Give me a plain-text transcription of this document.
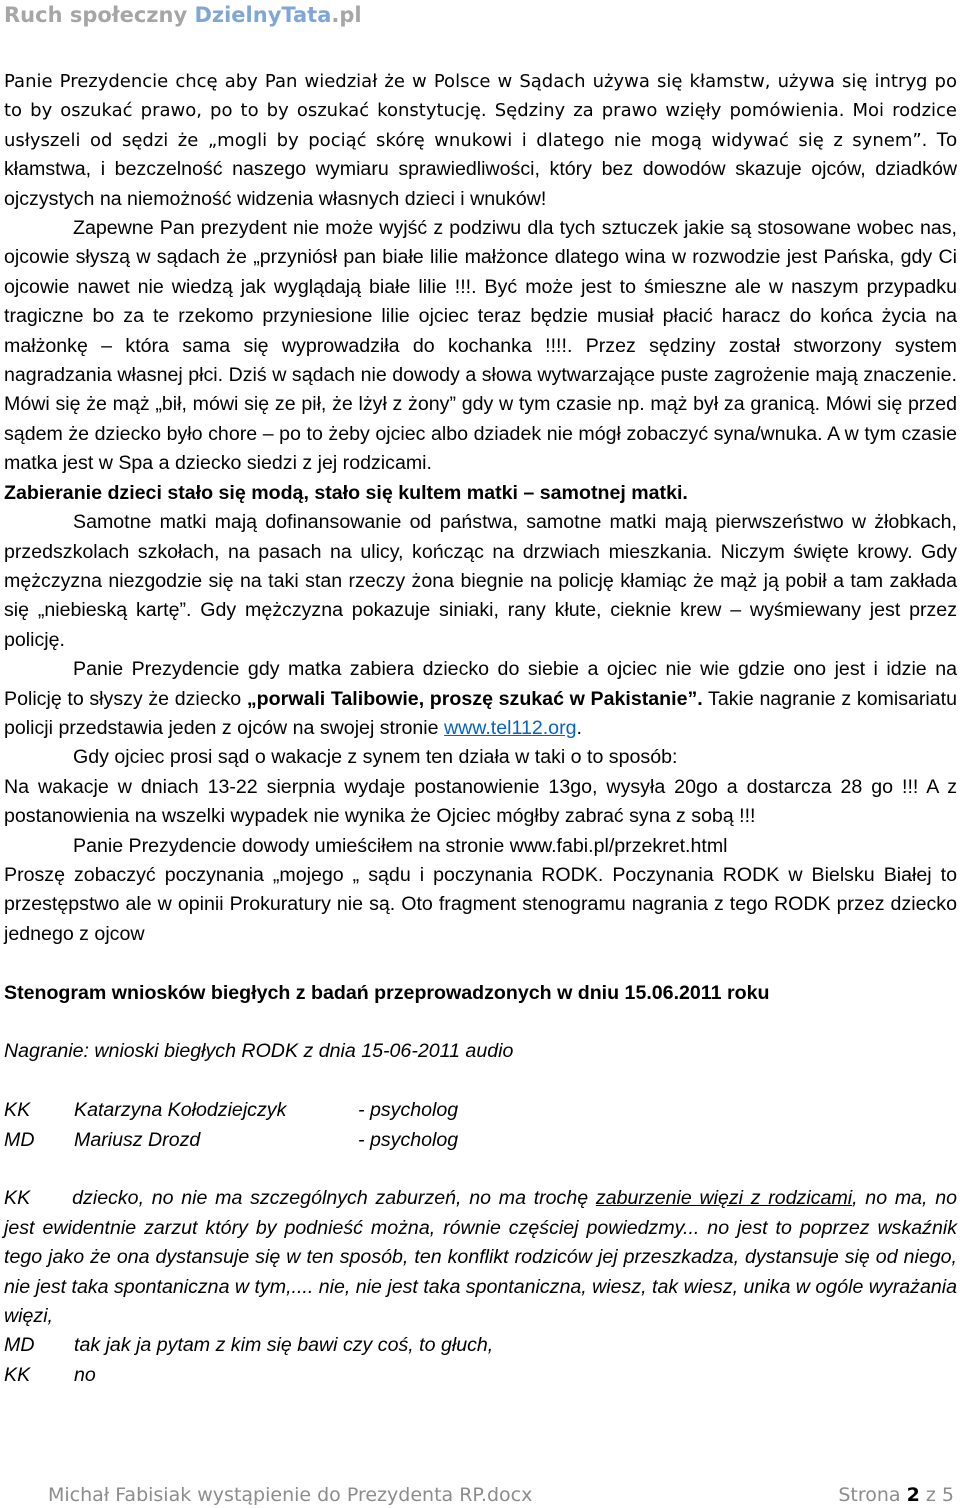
Ruch społeczny DzielnyTata.pl

Panie Prezydencie chcę aby Pan wiedział że w Polsce w Sądach używa się kłamstw, używa się intryg po to by oszukać prawo, po to by oszukać konstytucję. Sędziny za prawo wzięły pomówienia. Moi rodzice usłyszeli od sędzi że „mogli by pociąć skórę wnukowi i dlatego nie mogą widywać się z synem”. To kłamstwa, i bezczelność naszego wymiaru sprawiedliwości, który bez dowodów skazuje ojców, dziadków ojczystych na niemożność widzenia własnych dzieci i wnuków!

Zapewne Pan prezydent nie może wyjść z podziwu dla tych sztuczek jakie są stosowane wobec nas, ojcowie słyszą w sądach że „przyniósł pan białe lilie małżonce dlatego wina w rozwodzie jest Pańska, gdy Ci ojcowie nawet nie wiedzą jak wyglądają białe lilie !!!. Być może jest to śmieszne ale w naszym przypadku tragiczne bo za te rzekomo przyniesione lilie ojciec teraz będzie musiał płacić haracz do końca życia na małżonkę – która sama się wyprowadziła do kochanka !!!!. Przez sędziny został stworzony system nagradzania własnej płci. Dziś w sądach nie dowody a słowa wytwarzające puste zagrożenie mają znaczenie. Mówi się że mąż „bił, mówi się ze pił, że lżył z żony” gdy w tym czasie np. mąż był za granicą. Mówi się przed sądem że dziecko było chore – po to żeby ojciec albo dziadek nie mógł zobaczyć syna/wnuka. A w tym czasie matka jest w Spa a dziecko siedzi z jej rodzicami.

Zabieranie dzieci stało się modą, stało się kultem matki – samotnej matki.

Samotne matki mają dofinansowanie od państwa, samotne matki mają pierwszeństwo w żłobkach, przedszkolach szkołach, na pasach na ulicy, kończąc na drzwiach mieszkania. Niczym święte krowy. Gdy mężczyzna niezgodzie się na taki stan rzeczy żona biegnie na policję kłamiąc że mąż ją pobił a tam zakłada się „niebieską kartę”. Gdy mężczyzna pokazuje siniaki, rany kłute, cieknie krew – wyśmiewany jest przez policję.

Panie Prezydencie gdy matka zabiera dziecko do siebie a ojciec nie wie gdzie ono jest i idzie na Policję to słyszy że dziecko „porwali Talibowie, proszę szukać w Pakistanie”. Takie nagranie z komisariatu policji przedstawia jeden z ojców na swojej stronie www.tel112.org.

Gdy ojciec prosi sąd o wakacje z synem ten działa w taki o to sposób:

Na wakacje w dniach 13-22 sierpnia wydaje postanowienie 13go, wysyła 20go a dostarcza 28 go !!! A z postanowienia na wszelki wypadek nie wynika że Ojciec mógłby zabrać syna z sobą !!!

Panie Prezydencie dowody umieściłem na stronie www.fabi.pl/przekret.html

Proszę zobaczyć poczynania „mojego „ sądu i poczynania RODK. Poczynania RODK w Bielsku Białej to przestępstwo ale w opinii Prokuratury nie są. Oto fragment stenogramu nagrania z tego RODK przez dziecko jednego z ojcow

Stenogram wniosków biegłych z badań przeprowadzonych w dniu 15.06.2011 roku

Nagranie: wnioski biegłych RODK z dnia 15-06-2011 audio

KK	Katarzyna Kołodziejczyk	- psycholog
MD	Mariusz Drozd	- psycholog

KK dziecko, no nie ma szczególnych zaburzeń, no ma trochę zaburzenie więzi z rodzicami, no ma, no jest ewidentnie zarzut który by podnieść można, równie częściej powiedzmy... no jest to poprzez wskaźnik tego jako że ona dystansuje się w ten sposób, ten konflikt rodziców jej przeszkadza, dystansuje się od niego, nie jest taka spontaniczna w tym,.... nie, nie jest taka spontaniczna, wiesz, tak wiesz, unika w ogóle wyrażania więzi,

MD	tak jak ja pytam z kim się bawi czy coś, to głuch,
KK	no
Michał Fabisiak wystąpienie do Prezydenta RP.docx	Strona 2 z 5
